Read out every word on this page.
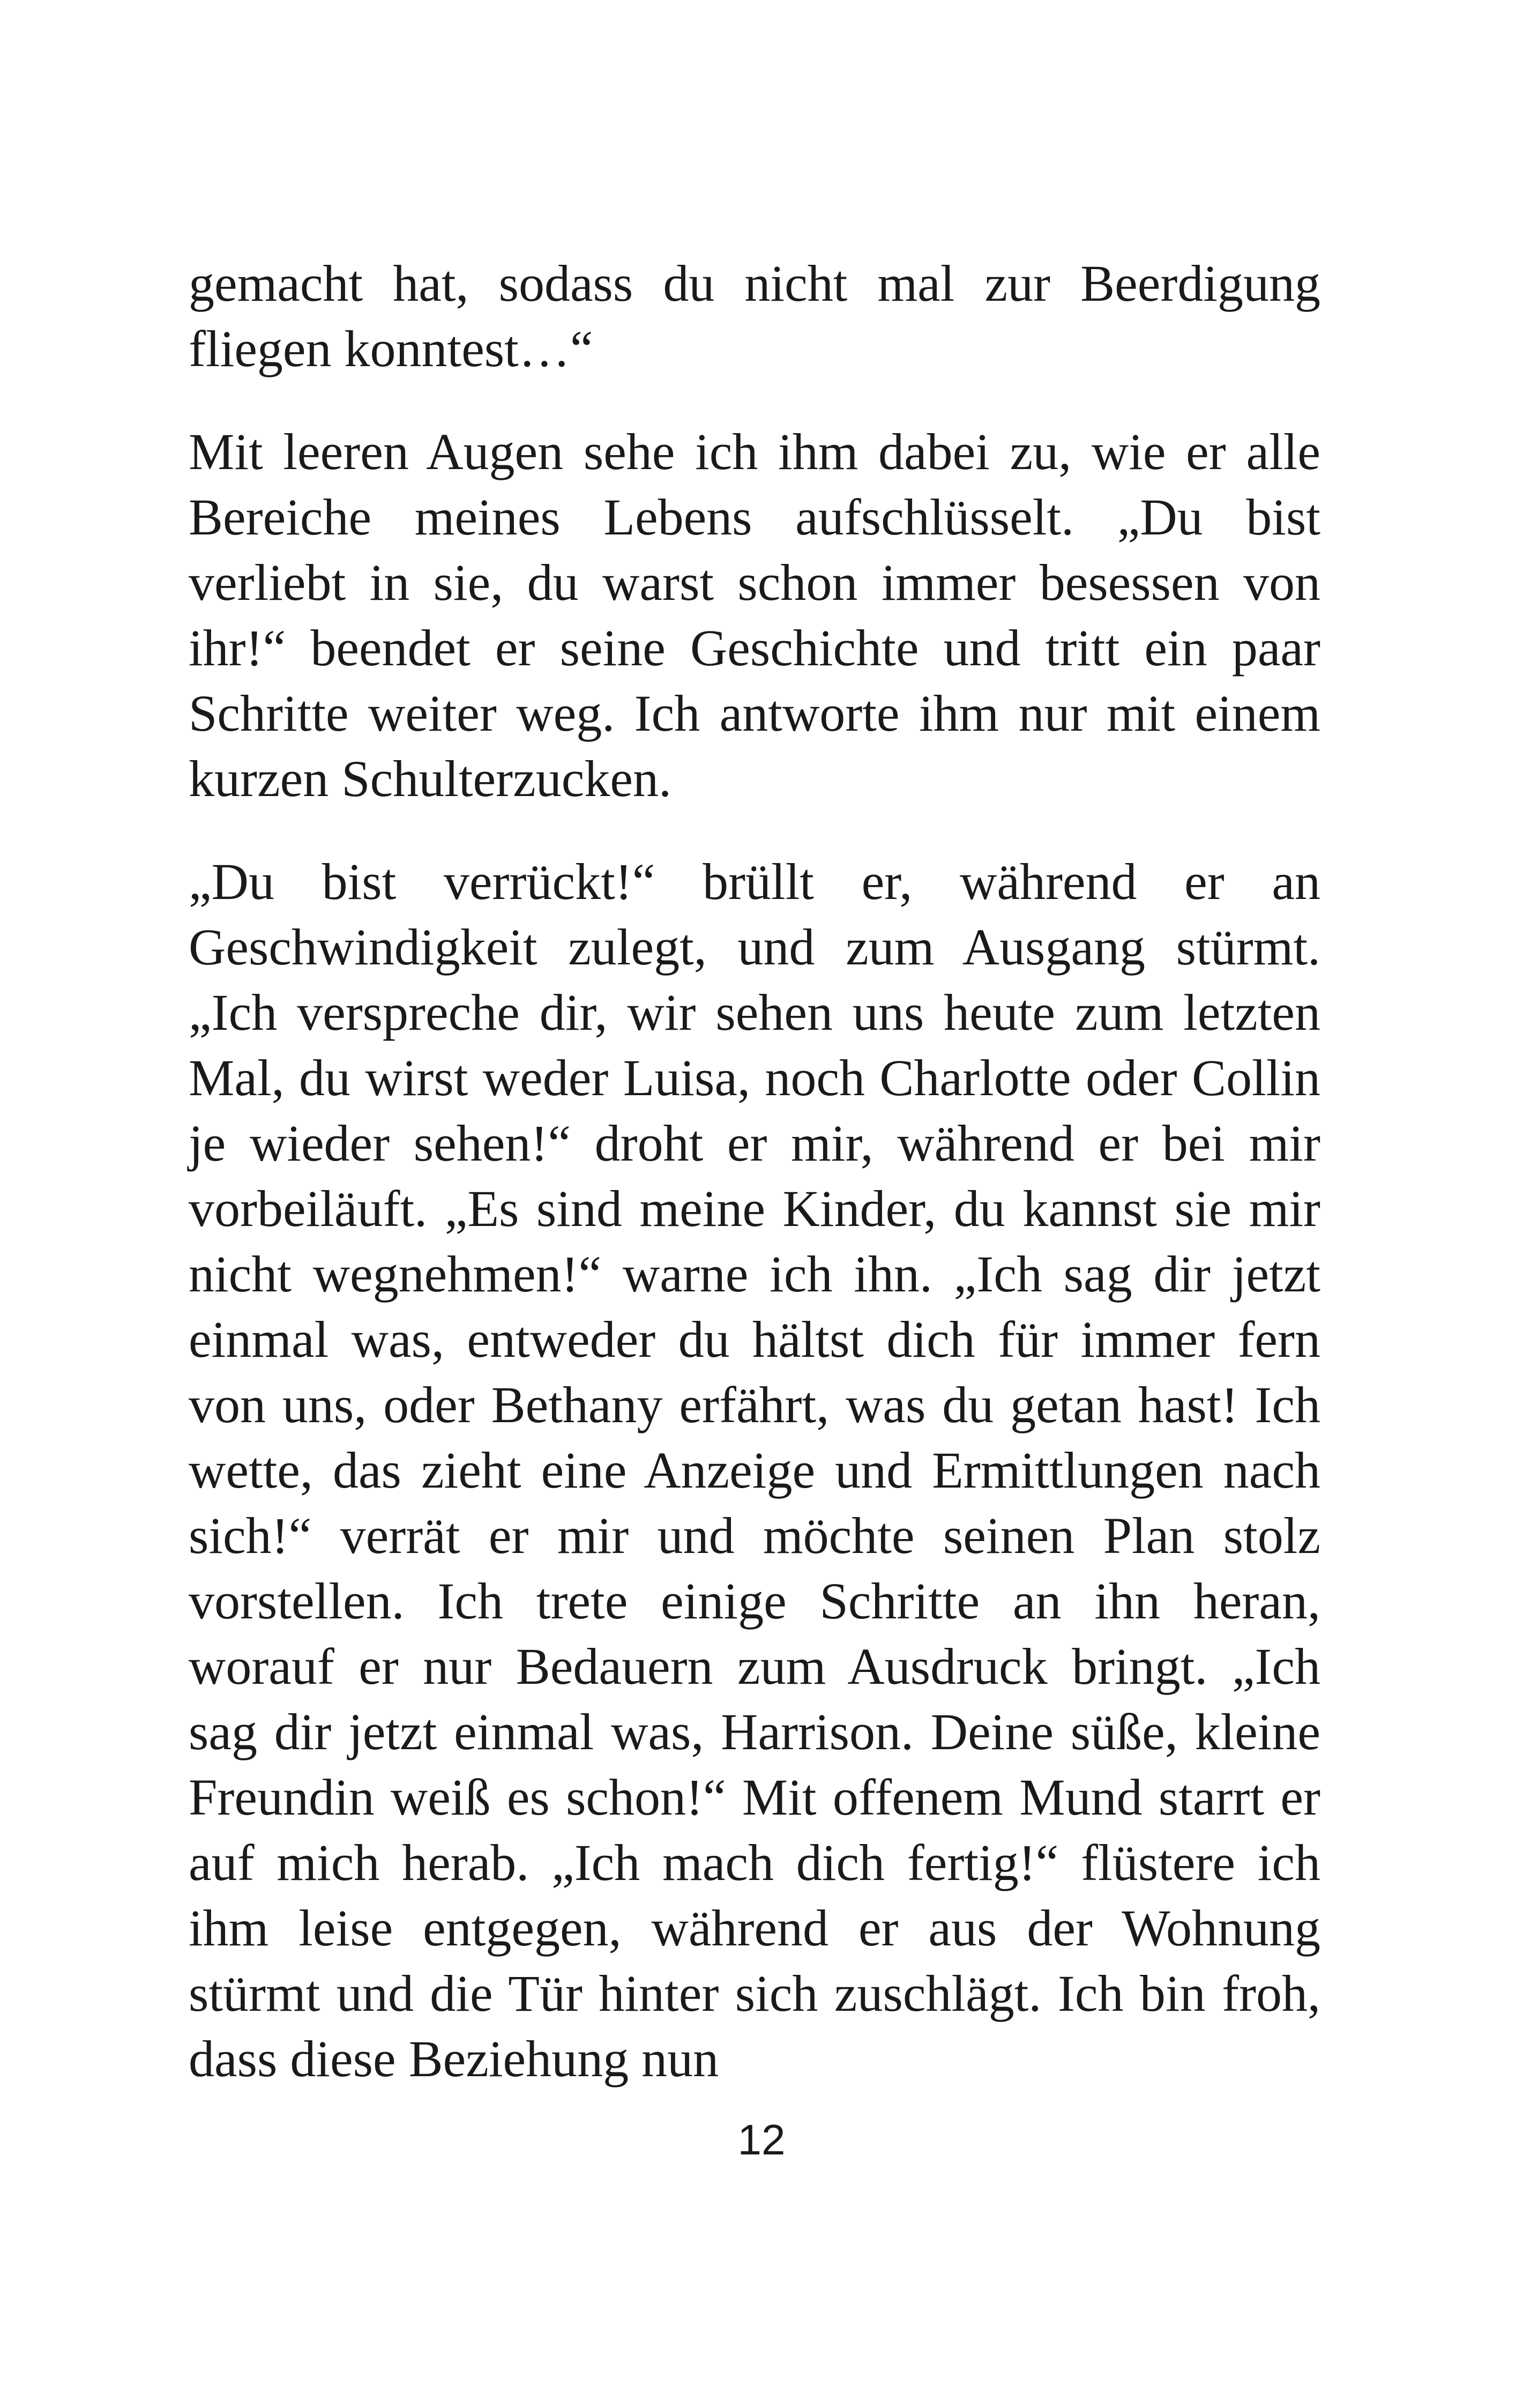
gemacht hat, sodass du nicht mal zur Beerdigung fliegen konntest…“

Mit leeren Augen sehe ich ihm dabei zu, wie er alle Bereiche meines Lebens aufschlüsselt. „Du bist verliebt in sie, du warst schon immer besessen von ihr!“ beendet er seine Geschichte und tritt ein paar Schritte weiter weg. Ich antworte ihm nur mit einem kurzen Schulterzucken.

„Du bist verrückt!“ brüllt er, während er an Geschwindigkeit zulegt, und zum Ausgang stürmt. „Ich verspreche dir, wir sehen uns heute zum letzten Mal, du wirst weder Luisa, noch Charlotte oder Collin je wieder sehen!“ droht er mir, während er bei mir vorbeiläuft. „Es sind meine Kinder, du kannst sie mir nicht wegnehmen!“ warne ich ihn. „Ich sag dir jetzt einmal was, entweder du hältst dich für immer fern von uns, oder Bethany erfährt, was du getan hast! Ich wette, das zieht eine Anzeige und Ermittlungen nach sich!“ verrät er mir und möchte seinen Plan stolz vorstellen. Ich trete einige Schritte an ihn heran, worauf er nur Bedauern zum Ausdruck bringt. „Ich sag dir jetzt einmal was, Harrison. Deine süße, kleine Freundin weiß es schon!“ Mit offenem Mund starrt er auf mich herab. „Ich mach dich fertig!“ flüstere ich ihm leise entgegen, während er aus der Wohnung stürmt und die Tür hinter sich zuschlägt. Ich bin froh, dass diese Beziehung nun

12
